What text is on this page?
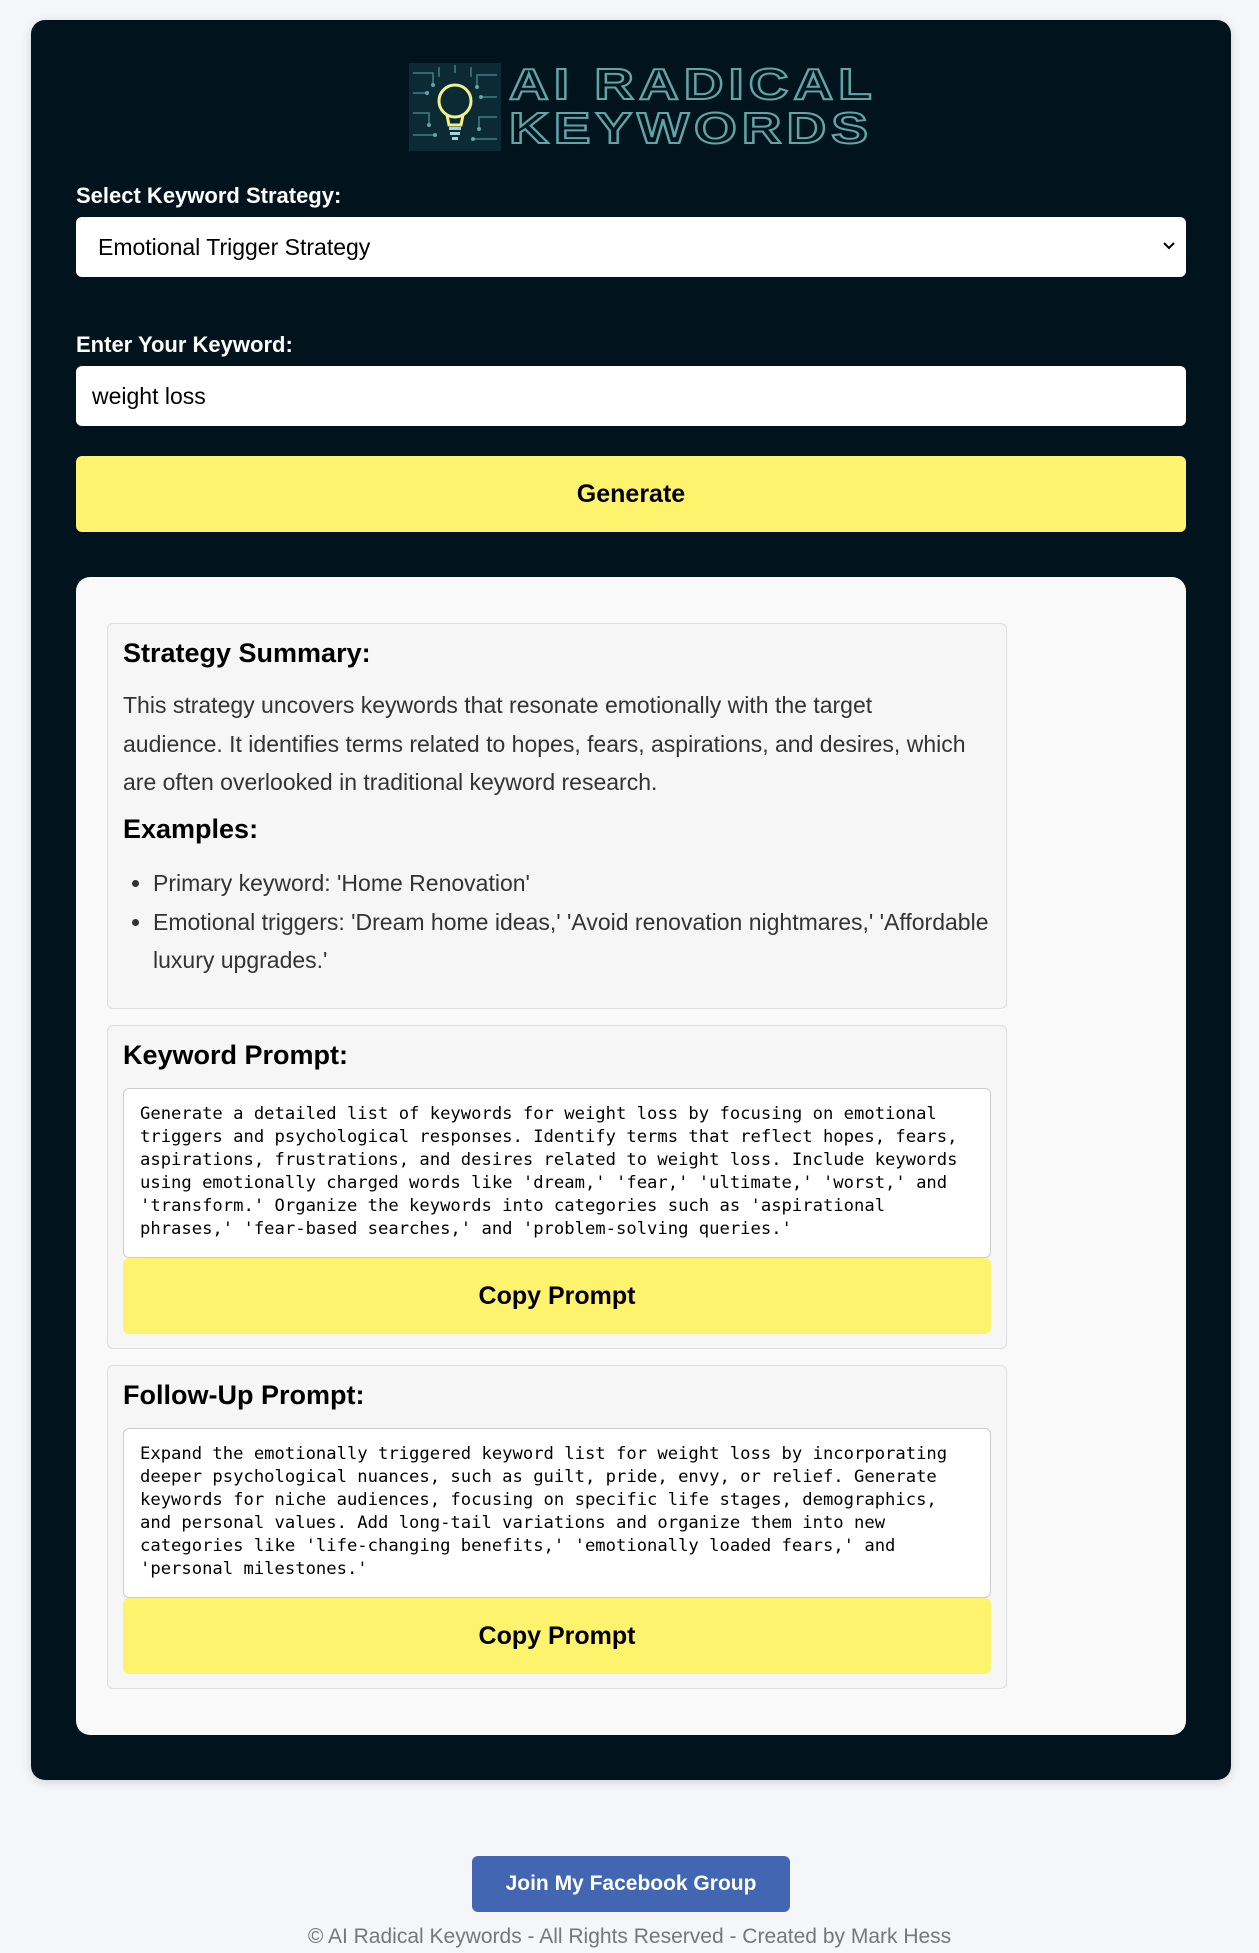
AI RADICAL
KEYWORDS
Select Keyword Strategy:
Emotional Trigger Strategy
Enter Your Keyword:
weight loss
Generate
Strategy Summary:

This strategy uncovers keywords that resonate emotionally with the target audience. It identifies terms related to hopes, fears, aspirations, and desires, which are often overlooked in traditional keyword research.

Examples:
• Primary keyword: 'Home Renovation'
• Emotional triggers: 'Dream home ideas,' 'Avoid renovation nightmares,' 'Affordable luxury upgrades.'
Keyword Prompt:
Generate a detailed list of keywords for weight loss by focusing on emotional triggers and psychological responses. Identify terms that reflect hopes, fears, aspirations, frustrations, and desires related to weight loss. Include keywords using emotionally charged words like 'dream,' 'fear,' 'ultimate,' 'worst,' and 'transform.' Organize the keywords into categories such as 'aspirational phrases,' 'fear-based searches,' and 'problem-solving queries.'
Copy Prompt
Follow-Up Prompt:
Expand the emotionally triggered keyword list for weight loss by incorporating deeper psychological nuances, such as guilt, pride, envy, or relief. Generate keywords for niche audiences, focusing on specific life stages, demographics, and personal values. Add long-tail variations and organize them into new categories like 'life-changing benefits,' 'emotionally loaded fears,' and 'personal milestones.'
Copy Prompt
Join My Facebook Group
© AI Radical Keywords - All Rights Reserved - Created by Mark Hess
